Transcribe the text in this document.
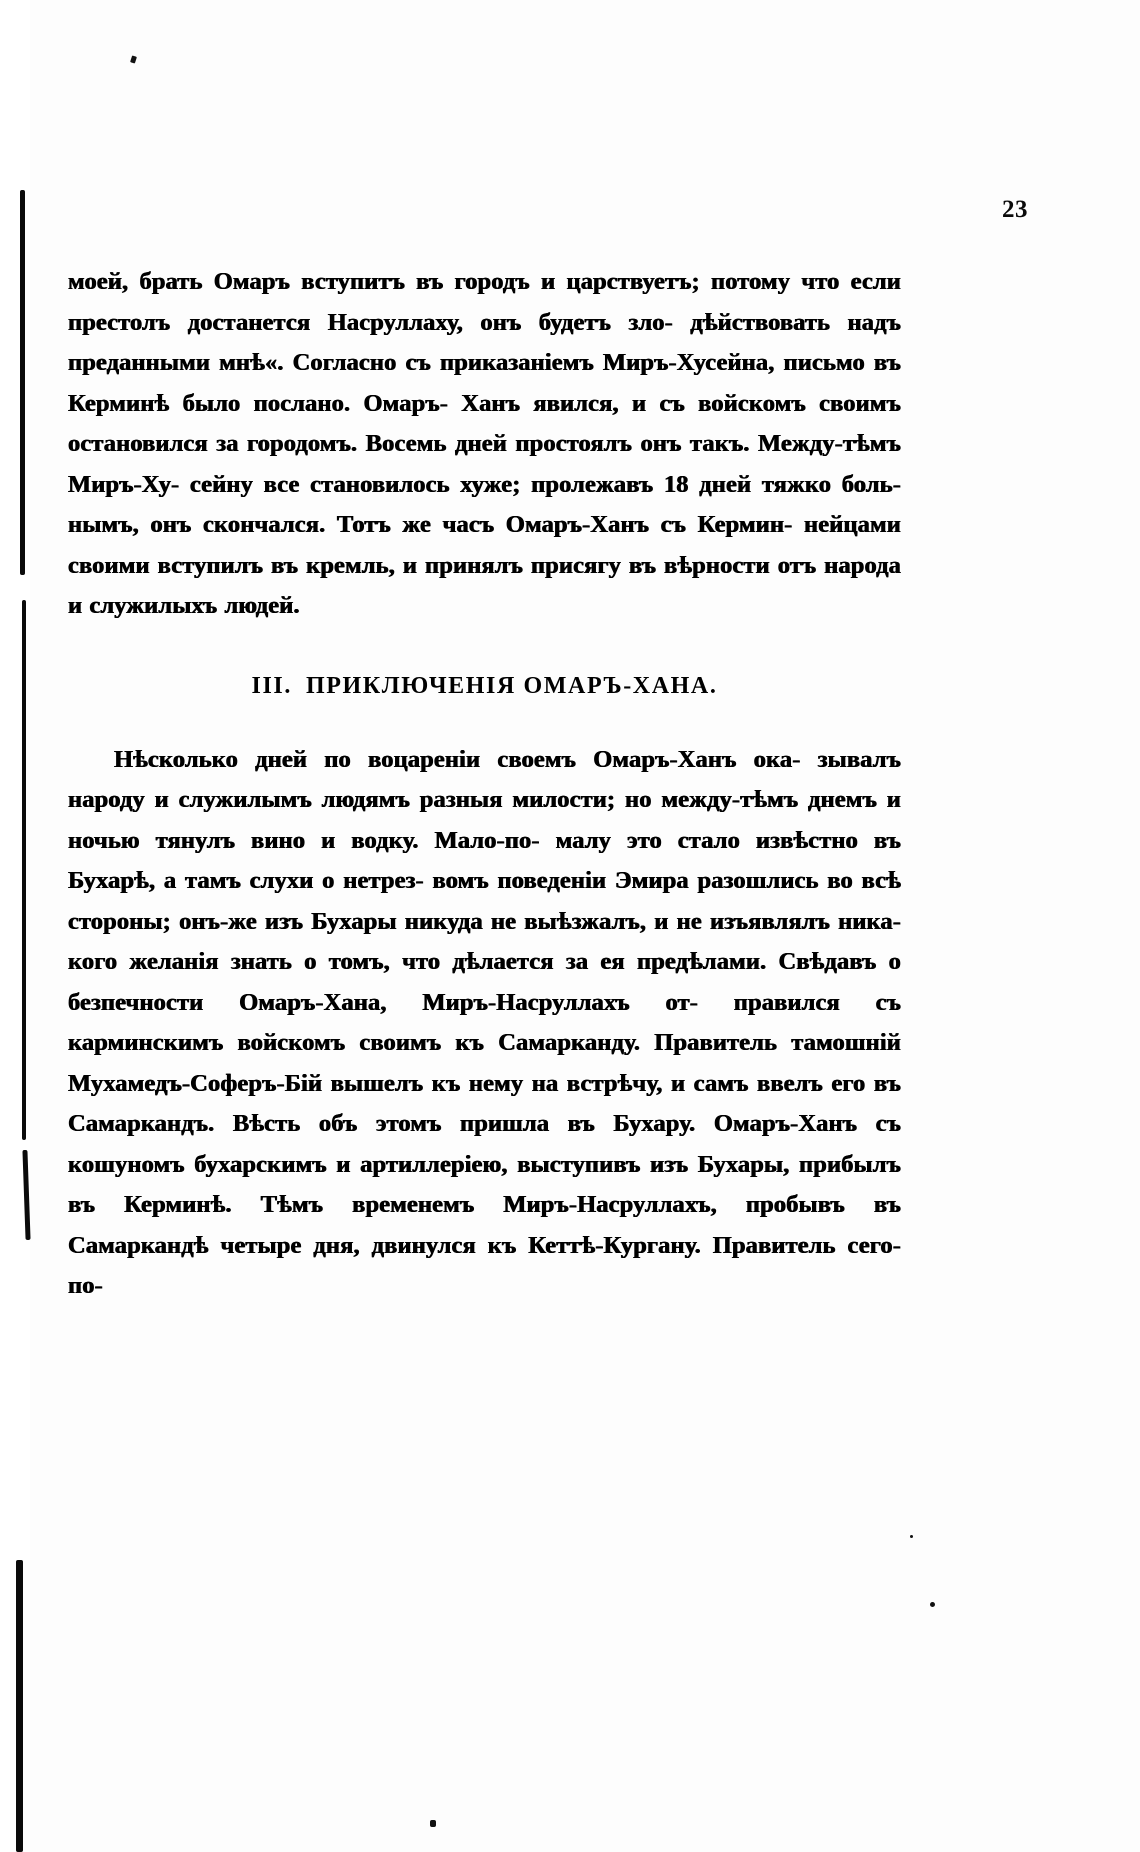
23

моей, брать Омаръ вступитъ въ городъ и царствуетъ; потому что если престолъ достанется Насруллаху, онъ будетъ зло- дѣйствовать надъ преданными мнѣ«. Согласно съ приказаніемъ Миръ-Хусейна, письмо въ Керминѣ было послано. Омаръ- Ханъ явился, и съ войскомъ своимъ остановился за городомъ. Восемь дней простоялъ онъ такъ. Между-тѣмъ Миръ-Ху- сейну все становилось хуже; пролежавъ 18 дней тяжко боль- нымъ, онъ скончался. Тотъ же часъ Омаръ-Ханъ съ Кермин- нейцами своими вступилъ въ кремль, и принялъ присягу въ вѣрности отъ народа и служилыхъ людей.

III. ПРИКЛЮЧЕНІЯ ОМАРЪ-ХАНА.

Нѣсколько дней по воцареніи своемъ Омаръ-Ханъ ока- зывалъ народу и служилымъ людямъ разныя милости; но между-тѣмъ днемъ и ночью тянулъ вино и водку. Мало-по- малу это стало извѣстно въ Бухарѣ, а тамъ слухи о нетрез- вомъ поведеніи Эмира разошлись во всѣ стороны; онъ-же изъ Бухары никуда не выѣзжалъ, и не изъявлялъ ника- кого желанія знать о томъ, что дѣлается за ея предѣлами. Свѣдавъ о безпечности Омаръ-Хана, Миръ-Насруллахъ от- правился съ карминскимъ войскомъ своимъ къ Самарканду. Правитель тамошній Мухамедъ-Соферъ-Бій вышелъ къ нему на встрѣчу, и самъ ввелъ его въ Самаркандъ. Вѣсть объ этомъ пришла въ Бухару. Омаръ-Ханъ съ кошуномъ бухарскимъ и артиллеріею, выступивъ изъ Бухары, прибылъ въ Керминѣ. Тѣмъ временемъ Миръ-Насруллахъ, пробывъ въ Самаркандѣ четыре дня, двинулся къ Кеттѣ-Кургану. Правитель сего-по-
